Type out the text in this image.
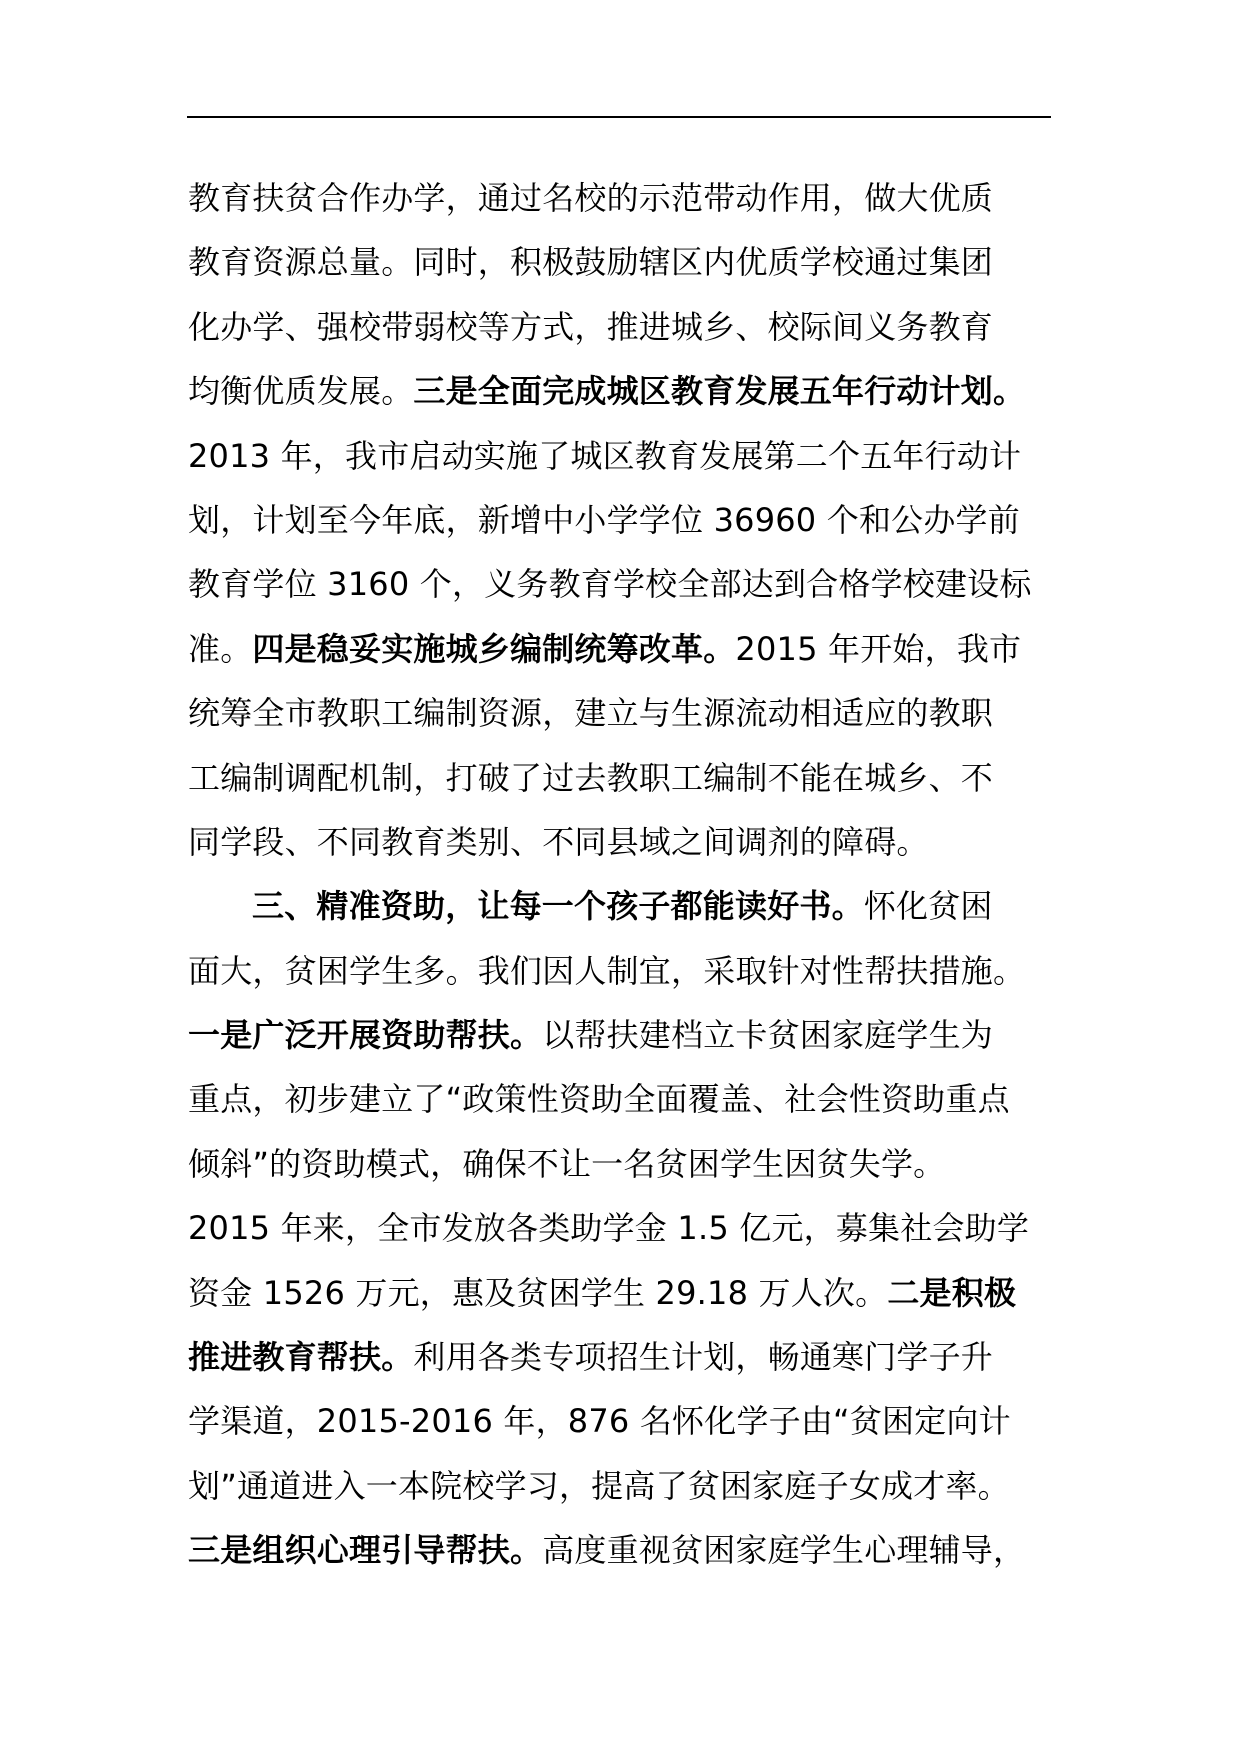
教育扶贫合作办学，通过名校的示范带动作用，做大优质
教育资源总量。同时，积极鼓励辖区内优质学校通过集团
化办学、强校带弱校等方式，推进城乡、校际间义务教育
均衡优质发展。三是全面完成城区教育发展五年行动计划。
2013 年，我市启动实施了城区教育发展第二个五年行动计
划，计划至今年底，新增中小学学位 36960 个和公办学前
教育学位 3160 个，义务教育学校全部达到合格学校建设标
准。四是稳妥实施城乡编制统筹改革。2015 年开始，我市
统筹全市教职工编制资源，建立与生源流动相适应的教职
工编制调配机制，打破了过去教职工编制不能在城乡、不
同学段、不同教育类别、不同县域之间调剂的障碍。
三、精准资助，让每一个孩子都能读好书。怀化贫困
面大，贫困学生多。我们因人制宜，采取针对性帮扶措施。
一是广泛开展资助帮扶。以帮扶建档立卡贫困家庭学生为
重点，初步建立了“政策性资助全面覆盖、社会性资助重点
倾斜”的资助模式，确保不让一名贫困学生因贫失学。
2015 年来，全市发放各类助学金 1.5 亿元，募集社会助学
资金 1526 万元，惠及贫困学生 29.18 万人次。二是积极
推进教育帮扶。利用各类专项招生计划，畅通寒门学子升
学渠道，2015-2016 年，876 名怀化学子由“贫困定向计
划”通道进入一本院校学习，提高了贫困家庭子女成才率。
三是组织心理引导帮扶。高度重视贫困家庭学生心理辅导，
